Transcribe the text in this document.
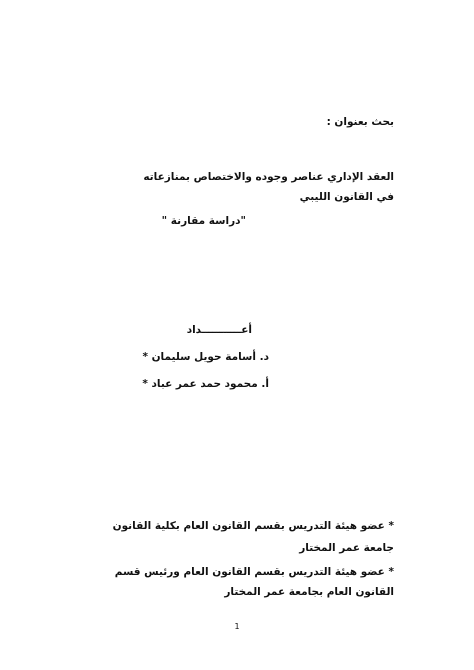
بحث بعنوان :
العقد الإداري عناصر وجوده والاختصاص بمنازعاته
في القانون الليبي
"دراسة مقارنة "
أعـــــــــــداد
د. أسامة حويل سليمان *
أ. محمود حمد عمر عباد *
* عضو هيئة التدريس بقسم القانون العام بكلية القانون
جامعة عمر المختار
* عضو هيئة التدريس بقسم القانون العام ورئيس قسم
القانون العام بجامعة عمر المختار
1
